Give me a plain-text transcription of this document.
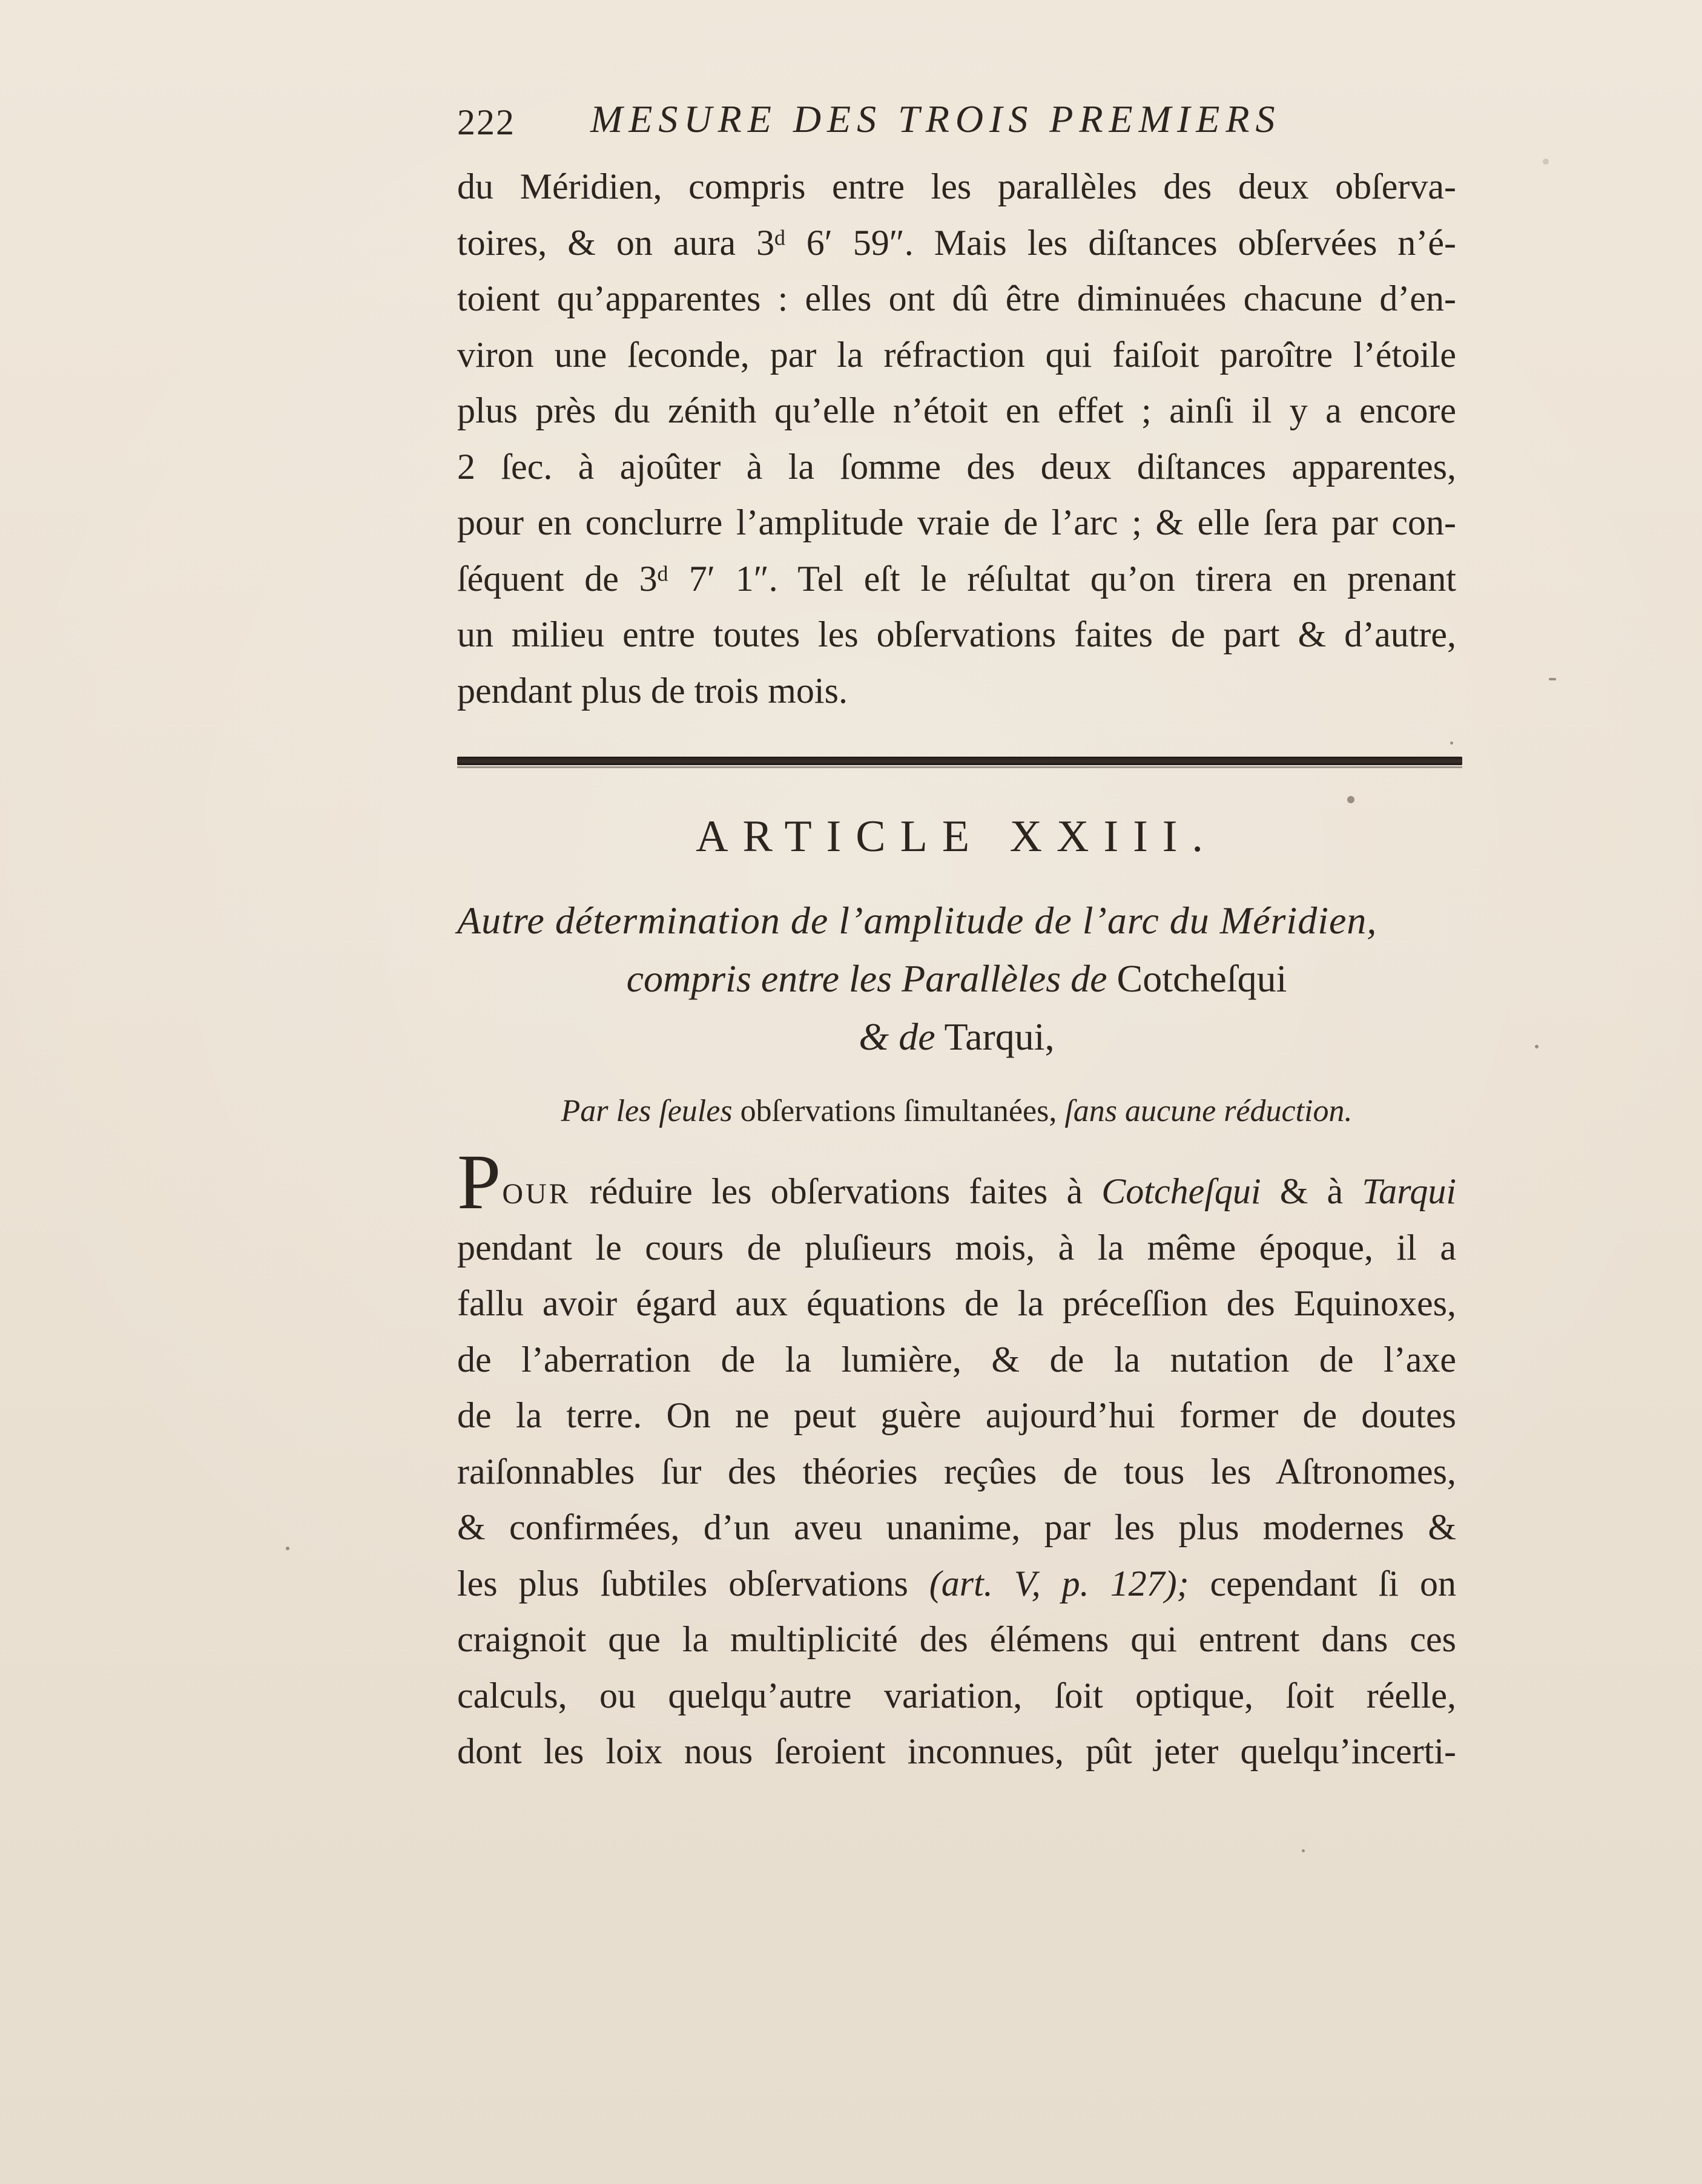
222 MESURE DES TROIS PREMIERS
du Méridien, compris entre les parallèles des deux obſerva-
toires, & on aura 3ᵈ 6′ 59″. Mais les diſtances obſervées n’é-
toient qu’apparentes : elles ont dû être diminuées chacune d’en-
viron une ſeconde, par la réfraction qui faiſoit paroître l’étoile
plus près du zénith qu’elle n’étoit en effet ; ainſi il y a encore
2 ſec. à ajoûter à la ſomme des deux diſtances apparentes,
pour en conclurre l’amplitude vraie de l’arc ; & elle ſera par con-
ſéquent de 3ᵈ 7′ 1″. Tel eſt le réſultat qu’on tirera en prenant
un milieu entre toutes les obſervations faites de part & d’autre,
pendant plus de trois mois.
ARTICLE XXIII.
Autre détermination de l’amplitude de l’arc du Méridien,
compris entre les Parallèles de Cotcheſqui
& de Tarqui,
Par les ſeules obſervations ſimultanées, ſans aucune réduction.
POUR réduire les obſervations faites à Cotcheſqui & à Tarqui
pendant le cours de pluſieurs mois, à la même époque, il a
fallu avoir égard aux équations de la préceſſion des Equinoxes,
de l’aberration de la lumière, & de la nutation de l’axe
de la terre. On ne peut guère aujourd’hui former de doutes
raiſonnables ſur des théories reçûes de tous les Aſtronomes,
& confirmées, d’un aveu unanime, par les plus modernes &
les plus ſubtiles obſervations (art. V, p. 127); cependant ſi on
craignoit que la multiplicité des élémens qui entrent dans ces
calculs, ou quelqu’autre variation, ſoit optique, ſoit réelle,
dont les loix nous ſeroient inconnues, pût jeter quelqu’incerti-
